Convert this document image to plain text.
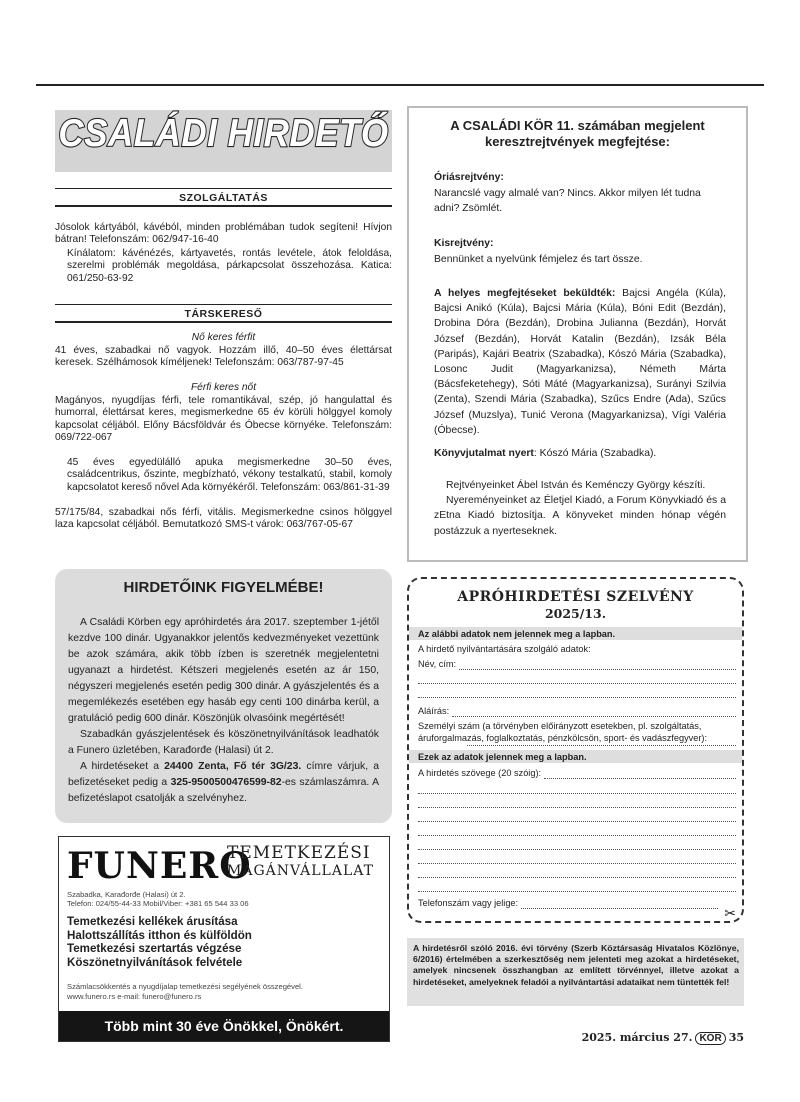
CSALÁDI HIRDETŐ
SZOLGÁLTATÁS
Jósolok kártyából, kávéból, minden problémában tudok segíteni! Hívjon bátran! Telefonszám: 062/947-16-40
Kínálatom: kávénézés, kártyavetés, rontás levétele, átok feloldása, szerelmi problémák megoldása, párkapcsolat összehozása. Katica: 061/250-63-92
TÁRSKERESŐ
Nő keres férfit
41 éves, szabadkai nő vagyok. Hozzám illő, 40–50 éves élettársat keresek. Szélhámosok kíméljenek! Telefonszám: 063/787-97-45
Férfi keres nőt
Magányos, nyugdíjas férfi, tele romantikával, szép, jó hangulattal és humorral, élettársat keres, megismerkedne 65 év körüli hölggyel komoly kapcsolat céljából. Előny Bácsföldvár és Óbecse környéke. Telefonszám: 069/722-067
45 éves egyedülálló apuka megismerkedne 30–50 éves, családcentrikus, őszinte, megbízható, vékony testalkatú, stabil, komoly kapcsolatot kereső nővel Ada környékéről. Telefonszám: 063/861-31-39
57/175/84, szabadkai nős férfi, vitális. Megismerkedne csinos hölggyel laza kapcsolat céljából. Bemutatkozó SMS-t várok: 063/767-05-67
HIRDETŐINK FIGYELMÉBE!
A Családi Körben egy apróhirdetés ára 2017. szeptember 1-jétől kezdve 100 dinár. Ugyanakkor jelentős kedvezményeket vezettünk be azok számára, akik több ízben is szeretnék megjelentetni ugyanazt a hirdetést. Kétszeri megjelenés esetén az ár 150, négyszeri megjelenés esetén pedig 300 dinár. A gyászjelentés és a megemlékezés esetében egy hasáb egy centi 100 dinárba kerül, a gratuláció pedig 600 dinár. Köszönjük olvasóink megértését!
Szabadkán gyászjelentések és köszönetnyilvánítások leadhatók a Funero üzletében, Karađorđe (Halasi) út 2.
A hirdetéseket a 24400 Zenta, Fő tér 3G/23. címre várjuk, a befizetéseket pedig a 325-9500500476599-82-es számlaszámra. A befizetéslapot csatolják a szelvényhez.
FUNERO
TEMETKEZÉSI
MAGÁNVÁLLALAT
Szabadka, Karađorđe (Halasi) út 2.
Telefon: 024/55-44-33 Mobil/Viber: +381 65 544 33 06
Temetkezési kellékek árusítása
Halottszállítás itthon és külföldön
Temetkezési szertartás végzése
Köszönetnyilvánítások felvétele
Számlacsökkentés a nyugdíjalap temetkezési segélyének összegével.
www.funero.rs e-mail: funero@funero.rs
Több mint 30 éve Önökkel, Önökért.
A CSALÁDI KÖR 11. számában megjelent
keresztrejtvények megfejtése:
Óriásrejtvény:
Narancslé vagy almalé van? Nincs. Akkor milyen lét tudna adni? Zsömlét.
Kisrejtvény:
Bennünket a nyelvünk fémjelez és tart össze.
A helyes megfejtéseket beküldték: Bajcsi Angéla (Kúla), Bajcsi Anikó (Kúla), Bajcsi Mária (Kúla), Bóni Edit (Bezdán), Drobina Dóra (Bezdán), Drobina Julianna (Bezdán), Horvát József (Bezdán), Horvát Katalin (Bezdán), Izsák Béla (Paripás), Kajári Beatrix (Szabadka), Kószó Mária (Szabadka), Losonc Judit (Magyarkanizsa), Németh Márta (Bácsfeketehegy), Sóti Máté (Magyarkanizsa), Surányi Szilvia (Zenta), Szendi Mária (Szabadka), Szűcs Endre (Ada), Szűcs József (Muzslya), Tunić Verona (Magyarkanizsa), Vígi Valéria (Óbecse).
Könyvjutalmat nyert: Kószó Mária (Szabadka).
Rejtvényeinket Ábel István és Keménczy György készíti.
Nyereményeinket az Életjel Kiadó, a Forum Könyvkiadó és a zEtna Kiadó biztosítja. A könyveket minden hónap végén postázzuk a nyerteseknek.
APRÓHIRDETÉSI SZELVÉNY
2025/13.
Az alábbi adatok nem jelennek meg a lapban.
A hirdető nyilvántartására szolgáló adatok:
Név, cím:
Aláírás:
Személyi szám (a törvényben előirányzott esetekben, pl. szolgáltatás, áruforgalmazás, foglalkoztatás, pénzkölcsön, sport- és vadászfegyver):
Ezek az adatok jelennek meg a lapban.
A hirdetés szövege (20 szóig):
Telefonszám vagy jelige:
✂
A hirdetésről szóló 2016. évi törvény (Szerb Köztársaság Hivatalos Közlönye, 6/2016) értelmében a szerkesztőség nem jelenteti meg azokat a hirdetéseket, amelyek nincsenek összhangban az említett törvénnyel, illetve azokat a hirdetéseket, amelyeknek feladói a nyilvántartási adataikat nem tüntették fel!
2025. március 27. KÖR 35
